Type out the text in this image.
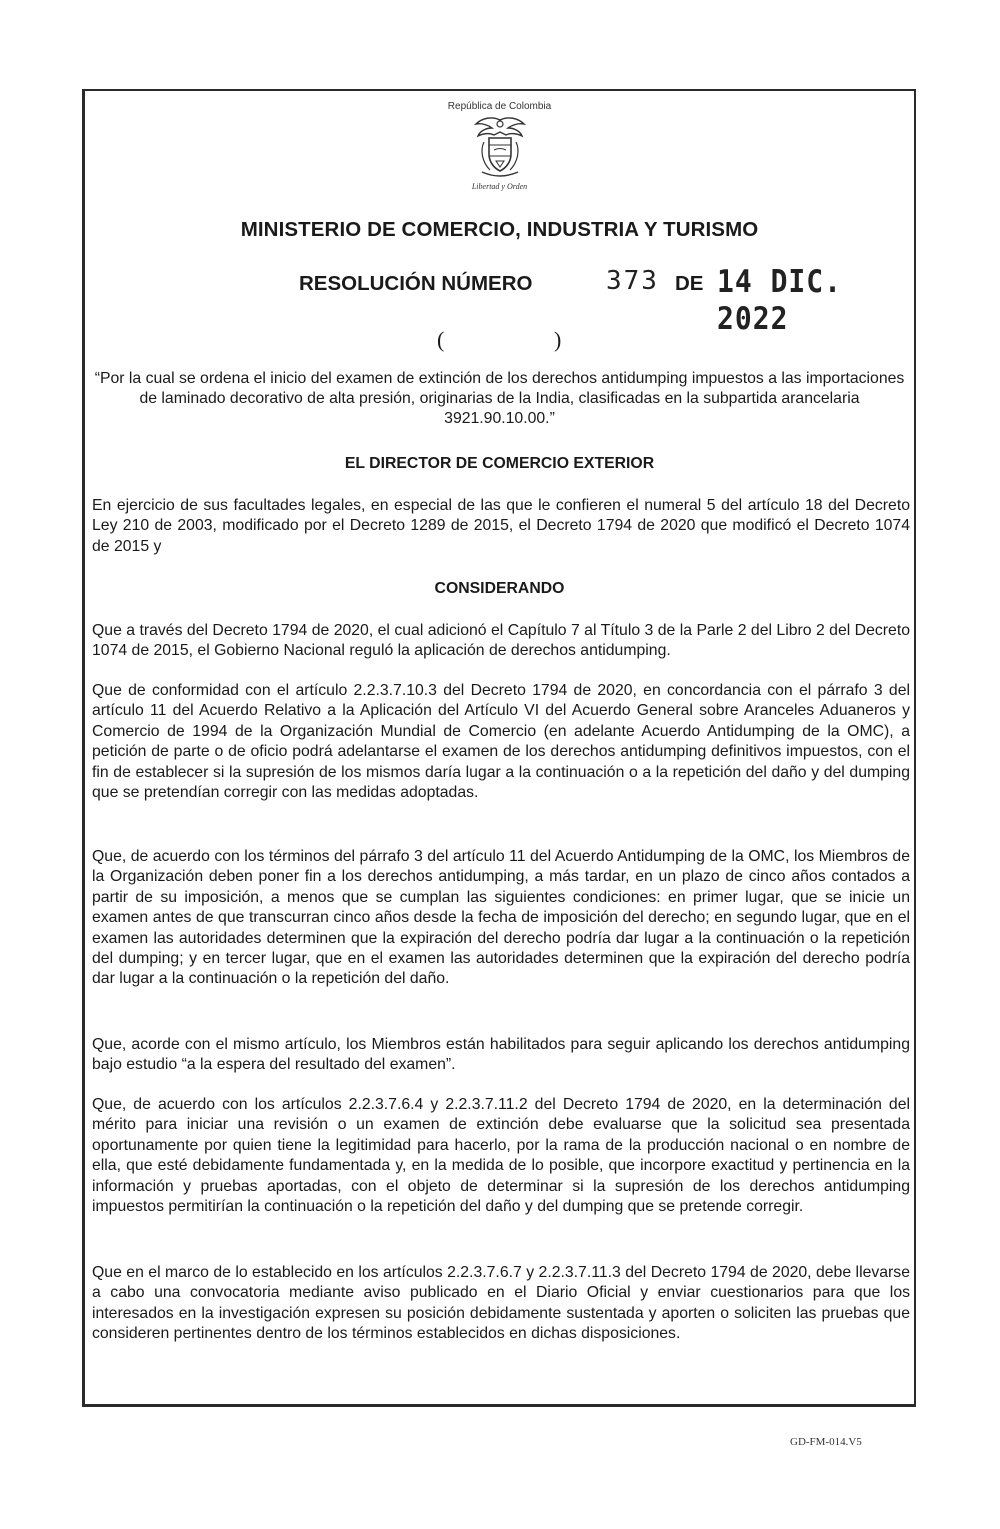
República de Colombia
Libertad y Orden
MINISTERIO DE COMERCIO, INDUSTRIA Y TURISMO
RESOLUCIÓN NÚMERO	373 DE 14 DIC. 2022
(	)
“Por la cual se ordena el inicio del examen de extinción de los derechos antidumping impuestos a las importaciones de laminado decorativo de alta presión, originarias de la India, clasificadas en la subpartida arancelaria 3921.90.10.00.”
EL DIRECTOR DE COMERCIO EXTERIOR

En ejercicio de sus facultades legales, en especial de las que le confieren el numeral 5 del artículo 18 del Decreto Ley 210 de 2003, modificado por el Decreto 1289 de 2015, el Decreto 1794 de 2020 que modificó el Decreto 1074 de 2015 y

CONSIDERANDO

Que a través del Decreto 1794 de 2020, el cual adicionó el Capítulo 7 al Título 3 de la Parle 2 del Libro 2 del Decreto 1074 de 2015, el Gobierno Nacional reguló la aplicación de derechos antidumping.

Que de conformidad con el artículo 2.2.3.7.10.3 del Decreto 1794 de 2020, en concordancia con el párrafo 3 del artículo 11 del Acuerdo Relativo a la Aplicación del Artículo VI del Acuerdo General sobre Aranceles Aduaneros y Comercio de 1994 de la Organización Mundial de Comercio (en adelante Acuerdo Antidumping de la OMC), a petición de parte o de oficio podrá adelantarse el examen de los derechos antidumping definitivos impuestos, con el fin de establecer si la supresión de los mismos daría lugar a la continuación o a la repetición del daño y del dumping que se pretendían corregir con las medidas adoptadas.

Que, de acuerdo con los términos del párrafo 3 del artículo 11 del Acuerdo Antidumping de la OMC, los Miembros de la Organización deben poner fin a los derechos antidumping, a más tardar, en un plazo de cinco años contados a partir de su imposición, a menos que se cumplan las siguientes condiciones: en primer lugar, que se inicie un examen antes de que transcurran cinco años desde la fecha de imposición del derecho; en segundo lugar, que en el examen las autoridades determinen que la expiración del derecho podría dar lugar a la continuación o la repetición del dumping; y en tercer lugar, que en el examen las autoridades determinen que la expiración del derecho podría dar lugar a la continuación o la repetición del daño.

Que, acorde con el mismo artículo, los Miembros están habilitados para seguir aplicando los derechos antidumping bajo estudio “a la espera del resultado del examen”.

Que, de acuerdo con los artículos 2.2.3.7.6.4 y 2.2.3.7.11.2 del Decreto 1794 de 2020, en la determinación del mérito para iniciar una revisión o un examen de extinción debe evaluarse que la solicitud sea presentada oportunamente por quien tiene la legitimidad para hacerlo, por la rama de la producción nacional o en nombre de ella, que esté debidamente fundamentada y, en la medida de lo posible, que incorpore exactitud y pertinencia en la información y pruebas aportadas, con el objeto de determinar si la supresión de los derechos antidumping impuestos permitirían la continuación o la repetición del daño y del dumping que se pretende corregir.

Que en el marco de lo establecido en los artículos 2.2.3.7.6.7 y 2.2.3.7.11.3 del Decreto 1794 de 2020, debe llevarse a cabo una convocatoria mediante aviso publicado en el Diario Oficial y enviar cuestionarios para que los interesados en la investigación expresen su posición debidamente sustentada y aporten o soliciten las pruebas que consideren pertinentes dentro de los términos establecidos en dichas disposiciones.

GD-FM-014.V5
